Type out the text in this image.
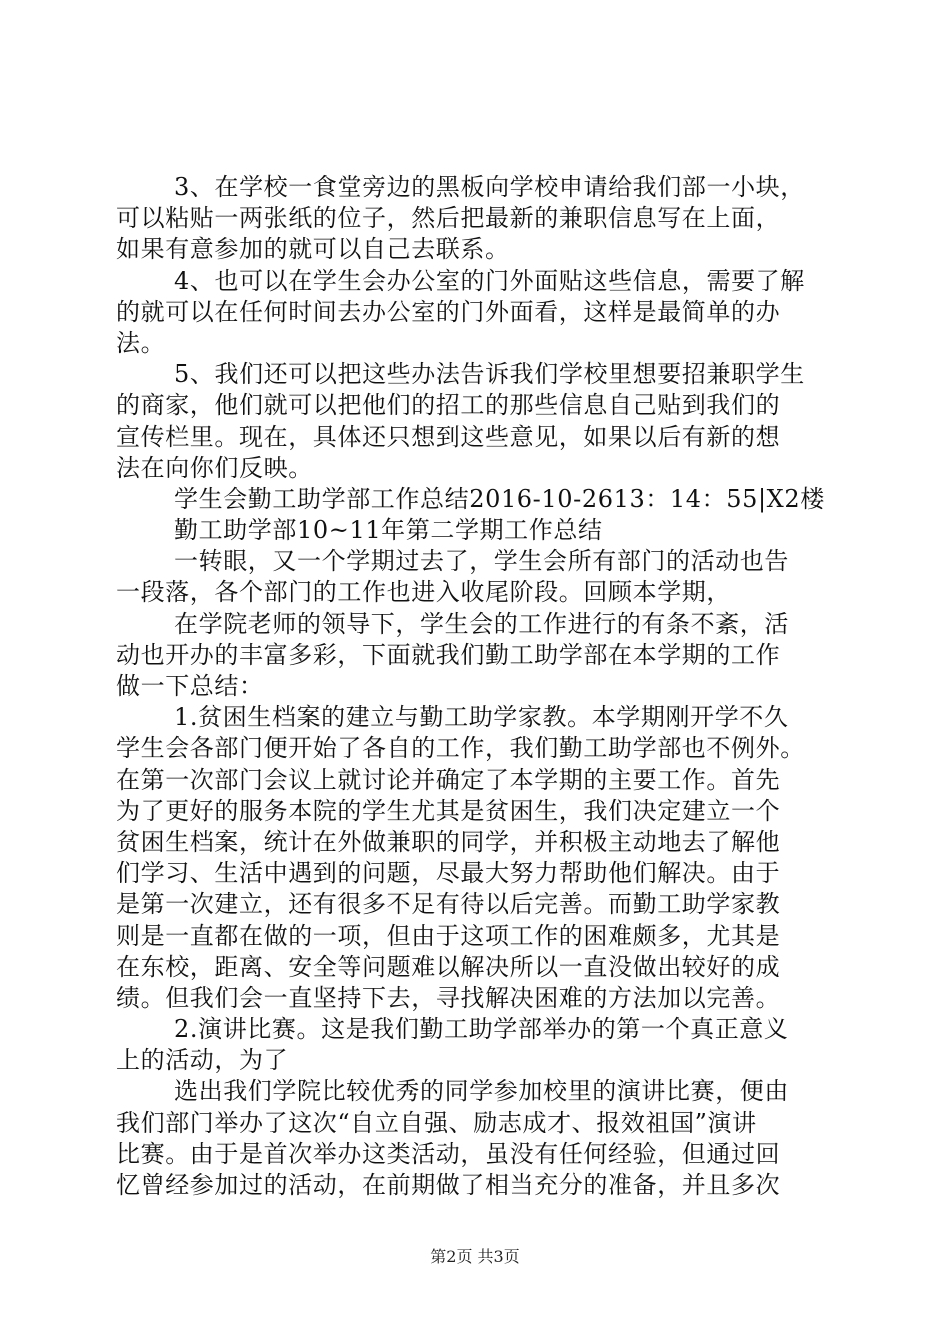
3、在学校一食堂旁边的黑板向学校申请给我们部一小块，
可以粘贴一两张纸的位子，然后把最新的兼职信息写在上面，
如果有意参加的就可以自己去联系。
4、也可以在学生会办公室的门外面贴这些信息，需要了解
的就可以在任何时间去办公室的门外面看，这样是最简单的办
法。
5、我们还可以把这些办法告诉我们学校里想要招兼职学生
的商家，他们就可以把他们的招工的那些信息自己贴到我们的
宣传栏里。现在，具体还只想到这些意见，如果以后有新的想
法在向你们反映。
学生会勤工助学部工作总结2016-10-2613：14：55|X2楼
勤工助学部10~11年第二学期工作总结
一转眼，又一个学期过去了，学生会所有部门的活动也告
一段落，各个部门的工作也进入收尾阶段。回顾本学期，
在学院老师的领导下，学生会的工作进行的有条不紊，活
动也开办的丰富多彩，下面就我们勤工助学部在本学期的工作
做一下总结：
1.贫困生档案的建立与勤工助学家教。本学期刚开学不久
学生会各部门便开始了各自的工作，我们勤工助学部也不例外。
在第一次部门会议上就讨论并确定了本学期的主要工作。首先
为了更好的服务本院的学生尤其是贫困生，我们决定建立一个
贫困生档案，统计在外做兼职的同学，并积极主动地去了解他
们学习、生活中遇到的问题，尽最大努力帮助他们解决。由于
是第一次建立，还有很多不足有待以后完善。而勤工助学家教
则是一直都在做的一项，但由于这项工作的困难颇多，尤其是
在东校，距离、安全等问题难以解决所以一直没做出较好的成
绩。但我们会一直坚持下去，寻找解决困难的方法加以完善。
2.演讲比赛。这是我们勤工助学部举办的第一个真正意义
上的活动，为了
选出我们学院比较优秀的同学参加校里的演讲比赛，便由
我们部门举办了这次“自立自强、励志成才、报效祖国”演讲
比赛。由于是首次举办这类活动，虽没有任何经验，但通过回
忆曾经参加过的活动，在前期做了相当充分的准备，并且多次
第2页 共3页
